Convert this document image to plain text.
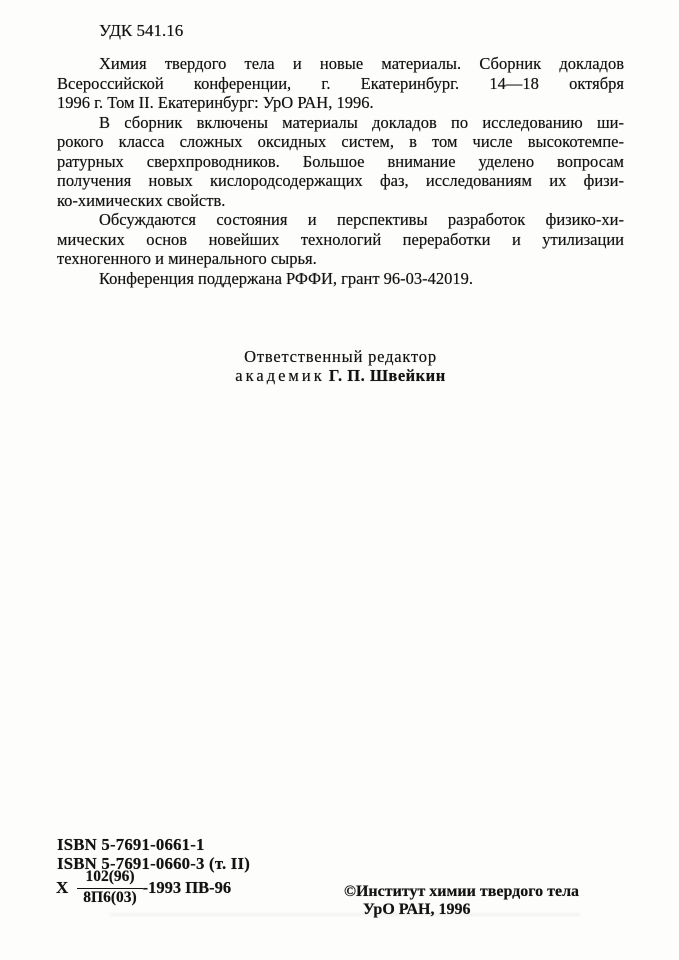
УДК 541.16
Химия твердого тела и новые материалы. Сборник докладов
Всероссийской конференции, г. Екатеринбург. 14—18 октября
1996 г. Том II. Екатеринбург: УрО РАН, 1996.
В сборник включены материалы докладов по исследованию ши-
рокого класса сложных оксидных систем, в том числе высокотемпе-
ратурных сверхпроводников. Большое внимание уделено вопросам
получения новых кислородсодержащих фаз, исследованиям их физи-
ко-химических свойств.
Обсуждаются состояния и перспективы разработок физико-хи-
мических основ новейших технологий переработки и утилизации
техногенного и минерального сырья.
Конференция поддержана РФФИ, грант 96-03-42019.
Ответственный редактор
академик Г. П. Швейкин
ISBN 5-7691-0661-1
ISBN 5-7691-0660-3 (т. II)
X $\frac{102(96)}{8П6(03)} -1993$ ПВ-96	©Институт химии твердого тела
УрО РАН, 1996
